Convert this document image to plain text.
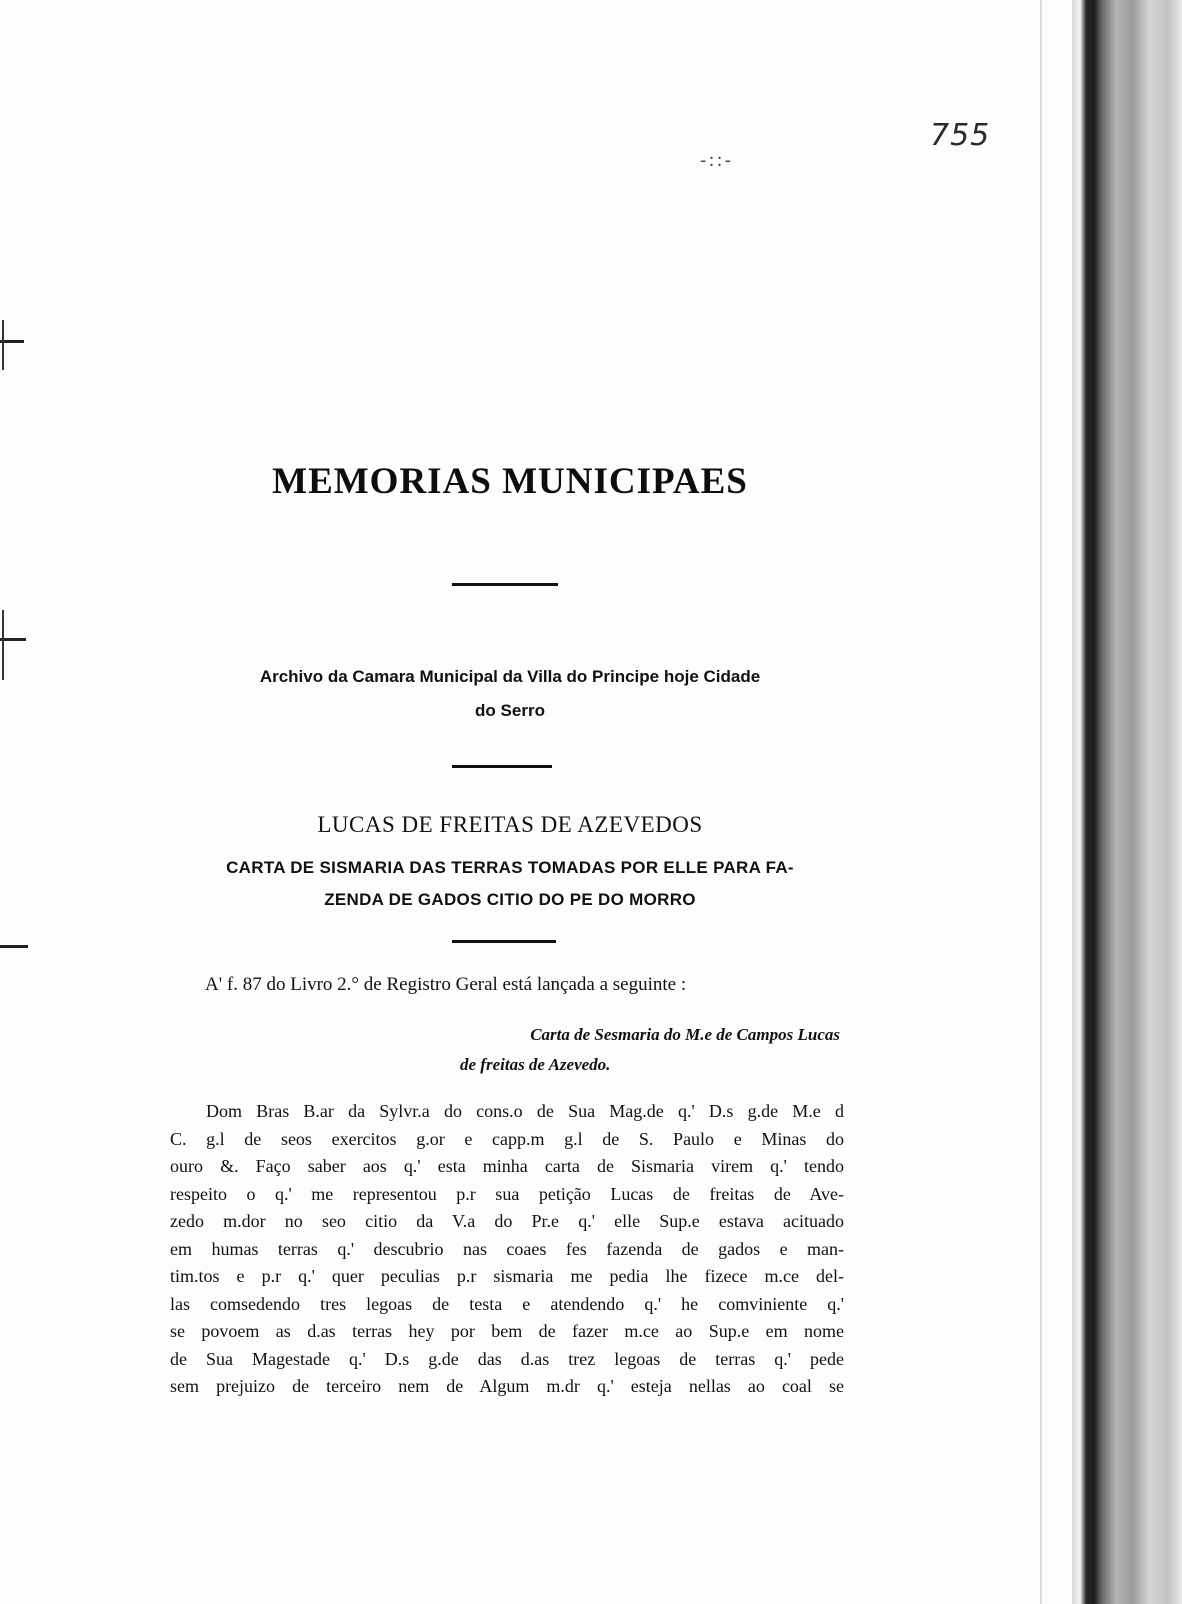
755
-::-
MEMORIAS MUNICIPAES
Archivo da Camara Municipal da Villa do Principe hoje Cidade
do Serro
LUCAS DE FREITAS DE AZEVEDOS
CARTA DE SISMARIA DAS TERRAS TOMADAS POR ELLE PARA FA-
ZENDA DE GADOS CITIO DO PE DO MORRO
A' f. 87 do Livro 2.° de Registro Geral está lançada a seguinte :
Carta de Sesmaria do M.e de Campos Lucas
de freitas de Azevedo.
Dom Bras B.ar da Sylvr.a do cons.o de Sua Mag.de q.' D.s g.de M.e d
C. g.l de seos exercitos g.or e capp.m g.l de S. Paulo e Minas do
ouro &. Faço saber aos q.' esta minha carta de Sismaria virem q.' tendo
respeito o q.' me representou p.r sua petição Lucas de freitas de Ave-
zedo m.dor no seo citio da V.a do Pr.e q.' elle Sup.e estava acituado
em humas terras q.' descubrio nas coaes fes fazenda de gados e man-
tim.tos e p.r q.' quer peculias p.r sismaria me pedia lhe fizece m.ce del-
las comsedendo tres legoas de testa e atendendo q.' he comviniente q.'
se povoem as d.as terras hey por bem de fazer m.ce ao Sup.e em nome
de Sua Magestade q.' D.s g.de das d.as trez legoas de terras q.' pede
sem prejuizo de terceiro nem de Algum m.dr q.' esteja nellas ao coal se
